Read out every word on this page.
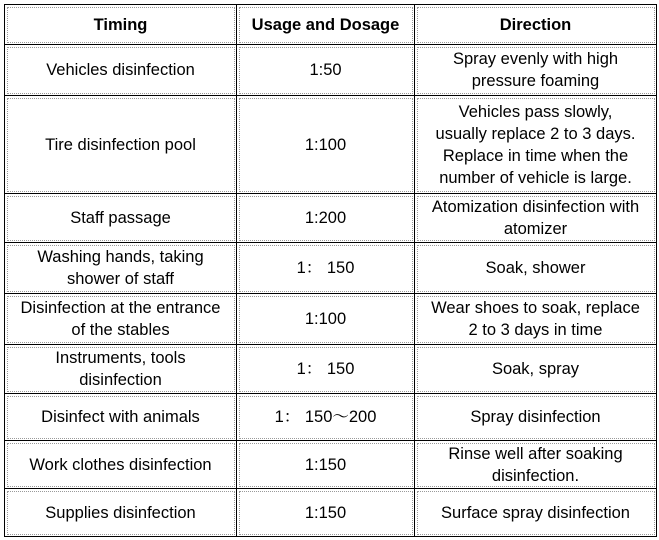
Timing	Usage and Dosage	Direction
Vehicles disinfection	1:50	Spray evenly with high
pressure foaming
Tire disinfection pool	1:100	Vehicles pass slowly,
usually replace 2 to 3 days.
Replace in time when the
number of vehicle is large.
Staff passage	1:200	Atomization disinfection with
atomizer
Washing hands, taking
shower of staff	1： 150	Soak, shower
Disinfection at the entrance
of the stables	1:100	Wear shoes to soak, replace
2 to 3 days in time
Instruments, tools
disinfection	1： 150	Soak, spray
Disinfect with animals	1： 150～200	Spray disinfection
Work clothes disinfection	1:150	Rinse well after soaking
disinfection.
Supplies disinfection	1:150	Surface spray disinfection
